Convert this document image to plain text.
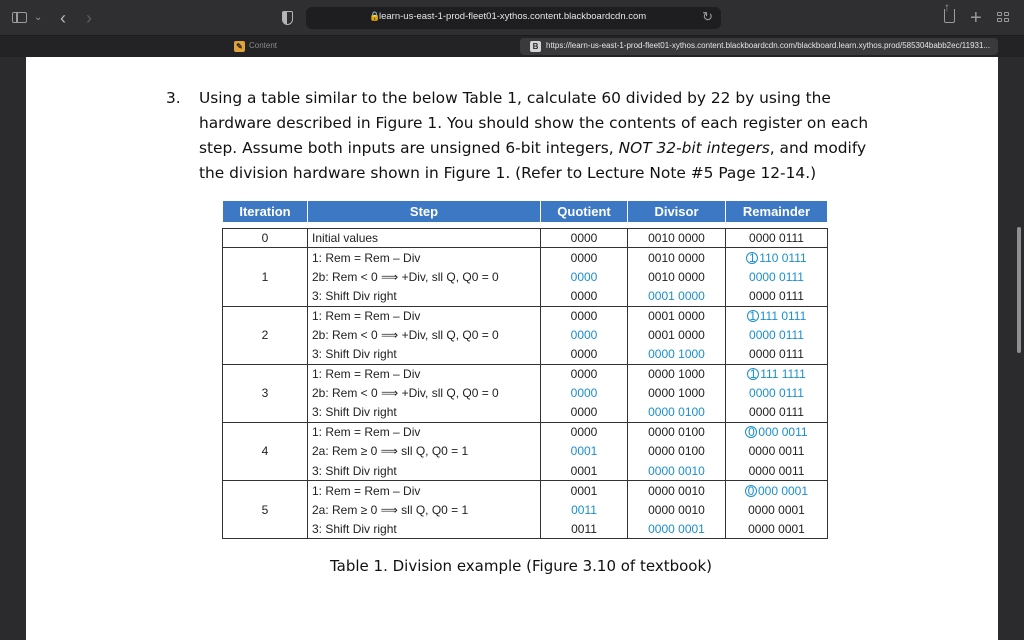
⌄ ‹ ›	🔒
learn-us-east-1-prod-fleet01-xythos.content.blackboardcdn.com	↻ ↑	+
✎ Content	B https://learn-us-east-1-prod-fleet01-xythos.content.blackboardcdn.com/blackboard.learn.xythos.prod/585304babb2ec/11931...
3. Using a table similar to the below Table 1, calculate 60 divided by 22 by using the hardware described in Figure 1. You should show the contents of each register on each step. Assume both inputs are unsigned 6-bit integers, NOT 32-bit integers, and modify the division hardware shown in Figure 1. (Refer to Lecture Note #5 Page 12-14.)
Iteration	Step	Quotient	Divisor	Remainder

0	Initial values	0000	0010 0000	0000 0111
1	1: Rem = Rem – Div	0000	0010 0000	1 110 0111
	2b: Rem < 0 ⟹ +Div, sll Q, Q0 = 0	0000	0010 0000	0000 0111
	3: Shift Div right	0000	0001 0000	0000 0111
2	1: Rem = Rem – Div	0000	0001 0000	1 111 0111
	2b: Rem < 0 ⟹ +Div, sll Q, Q0 = 0	0000	0001 0000	0000 0111
	3: Shift Div right	0000	0000 1000	0000 0111
3	1: Rem = Rem – Div	0000	0000 1000	1 111 1111
	2b: Rem < 0 ⟹ +Div, sll Q, Q0 = 0	0000	0000 1000	0000 0111
	3: Shift Div right	0000	0000 0100	0000 0111
4	1: Rem = Rem – Div	0000	0000 0100	0 000 0011
	2a: Rem ≥ 0 ⟹ sll Q, Q0 = 1	0001	0000 0100	0000 0011
	3: Shift Div right	0001	0000 0010	0000 0011
5	1: Rem = Rem – Div	0001	0000 0010	0 000 0001
	2a: Rem ≥ 0 ⟹ sll Q, Q0 = 1	0011	0000 0010	0000 0001
	3: Shift Div right	0011	0000 0001	0000 0001
Table 1. Division example (Figure 3.10 of textbook)
